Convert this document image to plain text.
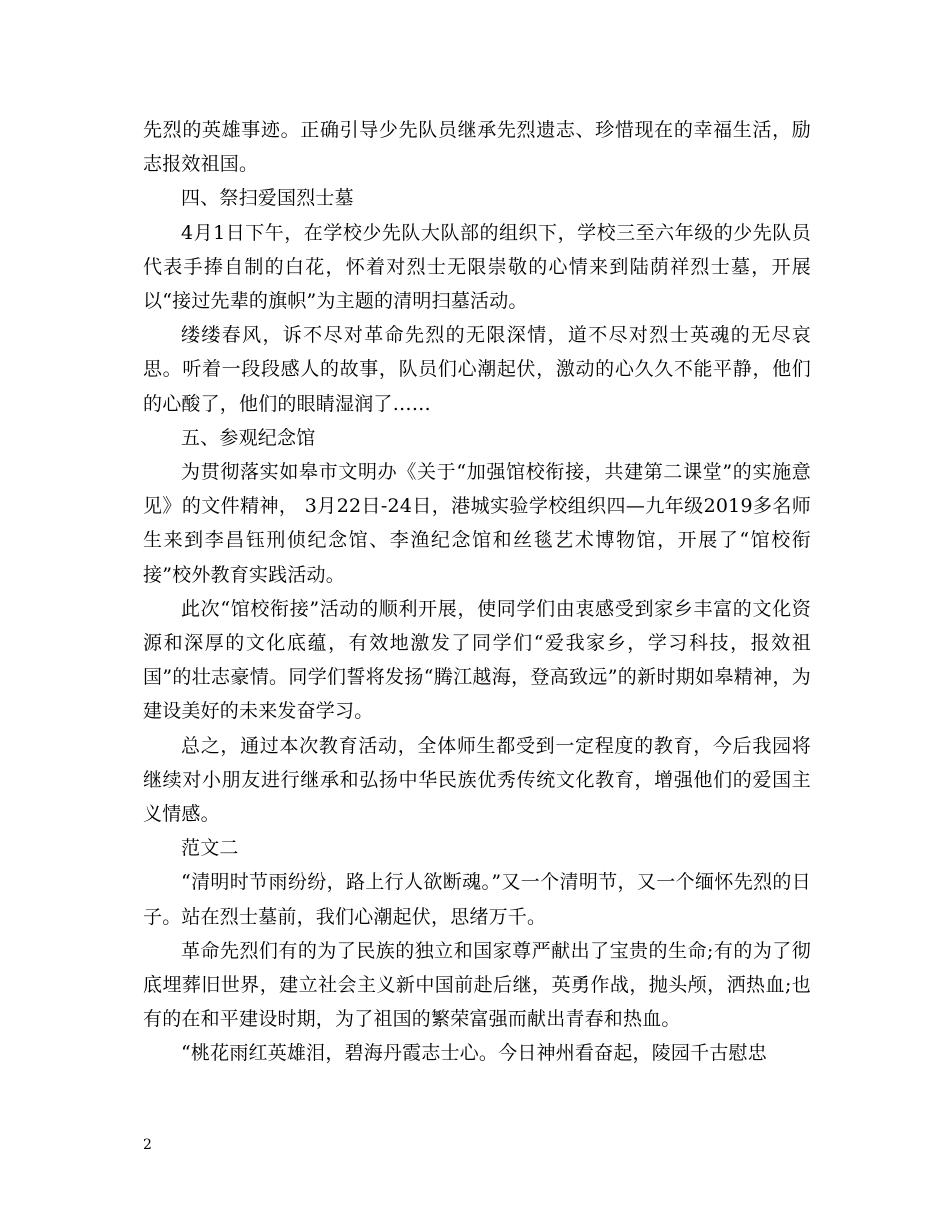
先烈的英雄事迹。正确引导少先队员继承先烈遗志、珍惜现在的幸福生活，励志报效祖国。

四、祭扫爱国烈士墓

4月1日下午，在学校少先队大队部的组织下，学校三至六年级的少先队员代表手捧自制的白花，怀着对烈士无限崇敬的心情来到陆荫祥烈士墓，开展以“接过先辈的旗帜”为主题的清明扫墓活动。

缕缕春风，诉不尽对革命先烈的无限深情，道不尽对烈士英魂的无尽哀思。听着一段段感人的故事，队员们心潮起伏，激动的心久久不能平静，他们的心酸了，他们的眼睛湿润了……

五、参观纪念馆

为贯彻落实如皋市文明办《关于“加强馆校衔接，共建第二课堂”的实施意见》的文件精神， 3月22日-24日，港城实验学校组织四—九年级2019多名师生来到李昌钰刑侦纪念馆、李渔纪念馆和丝毯艺术博物馆，开展了“馆校衔接”校外教育实践活动。

此次“馆校衔接”活动的顺利开展，使同学们由衷感受到家乡丰富的文化资源和深厚的文化底蕴，有效地激发了同学们“爱我家乡，学习科技，报效祖国”的壮志豪情。同学们誓将发扬“腾江越海，登高致远”的新时期如皋精神，为建设美好的未来发奋学习。

总之，通过本次教育活动，全体师生都受到一定程度的教育，今后我园将继续对小朋友进行继承和弘扬中华民族优秀传统文化教育，增强他们的爱国主义情感。

范文二

“清明时节雨纷纷，路上行人欲断魂。”又一个清明节，又一个缅怀先烈的日子。站在烈士墓前，我们心潮起伏，思绪万千。

革命先烈们有的为了民族的独立和国家尊严献出了宝贵的生命;有的为了彻底埋葬旧世界，建立社会主义新中国前赴后继，英勇作战，抛头颅，洒热血;也有的在和平建设时期，为了祖国的繁荣富强而献出青春和热血。

“桃花雨红英雄泪，碧海丹霞志士心。今日神州看奋起，陵园千古慰忠

2
